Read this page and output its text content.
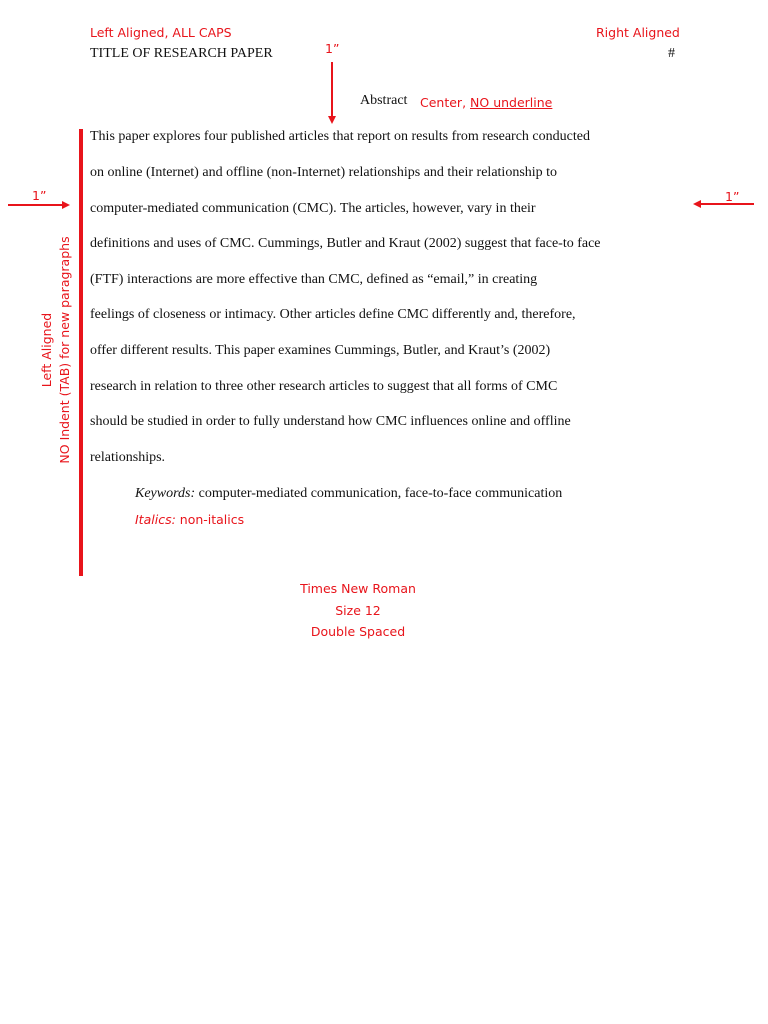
Left Aligned, ALL CAPS	Right Aligned
TITLE OF RESEARCH PAPER	#
1”
Abstract Center, NO underline
1”	1”
Left Aligned NO Indent (TAB) for new paragraphs
This paper explores four published articles that report on results from research conducted
on online (Internet) and offline (non-Internet) relationships and their relationship to
computer-mediated communication (CMC). The articles, however, vary in their
definitions and uses of CMC. Cummings, Butler and Kraut (2002) suggest that face-to face
(FTF) interactions are more effective than CMC, defined as “email,” in creating
feelings of closeness or intimacy. Other articles define CMC differently and, therefore,
offer different results. This paper examines Cummings, Butler, and Kraut’s (2002)
research in relation to three other research articles to suggest that all forms of CMC
should be studied in order to fully understand how CMC influences online and offline
relationships.
Keywords: computer-mediated communication, face-to-face communication
Italics: non-italics
Times New Roman
Size 12
Double Spaced
